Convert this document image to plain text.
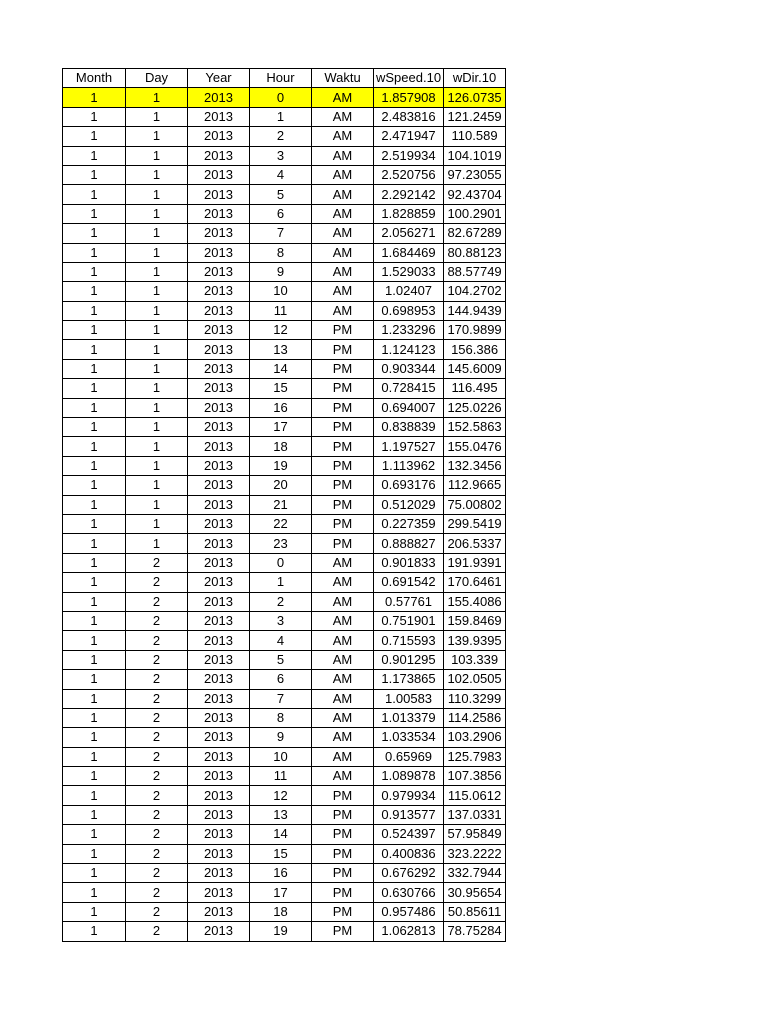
Month	Day	Year	Hour	Waktu	wSpeed.10	wDir.10
1	1	2013	0	AM	1.857908	126.0735
1	1	2013	1	AM	2.483816	121.2459
1	1	2013	2	AM	2.471947	110.589
1	1	2013	3	AM	2.519934	104.1019
1	1	2013	4	AM	2.520756	97.23055
1	1	2013	5	AM	2.292142	92.43704
1	1	2013	6	AM	1.828859	100.2901
1	1	2013	7	AM	2.056271	82.67289
1	1	2013	8	AM	1.684469	80.88123
1	1	2013	9	AM	1.529033	88.57749
1	1	2013	10	AM	1.02407	104.2702
1	1	2013	11	AM	0.698953	144.9439
1	1	2013	12	PM	1.233296	170.9899
1	1	2013	13	PM	1.124123	156.386
1	1	2013	14	PM	0.903344	145.6009
1	1	2013	15	PM	0.728415	116.495
1	1	2013	16	PM	0.694007	125.0226
1	1	2013	17	PM	0.838839	152.5863
1	1	2013	18	PM	1.197527	155.0476
1	1	2013	19	PM	1.113962	132.3456
1	1	2013	20	PM	0.693176	112.9665
1	1	2013	21	PM	0.512029	75.00802
1	1	2013	22	PM	0.227359	299.5419
1	1	2013	23	PM	0.888827	206.5337
1	2	2013	0	AM	0.901833	191.9391
1	2	2013	1	AM	0.691542	170.6461
1	2	2013	2	AM	0.57761	155.4086
1	2	2013	3	AM	0.751901	159.8469
1	2	2013	4	AM	0.715593	139.9395
1	2	2013	5	AM	0.901295	103.339
1	2	2013	6	AM	1.173865	102.0505
1	2	2013	7	AM	1.00583	110.3299
1	2	2013	8	AM	1.013379	114.2586
1	2	2013	9	AM	1.033534	103.2906
1	2	2013	10	AM	0.65969	125.7983
1	2	2013	11	AM	1.089878	107.3856
1	2	2013	12	PM	0.979934	115.0612
1	2	2013	13	PM	0.913577	137.0331
1	2	2013	14	PM	0.524397	57.95849
1	2	2013	15	PM	0.400836	323.2222
1	2	2013	16	PM	0.676292	332.7944
1	2	2013	17	PM	0.630766	30.95654
1	2	2013	18	PM	0.957486	50.85611
1	2	2013	19	PM	1.062813	78.75284
